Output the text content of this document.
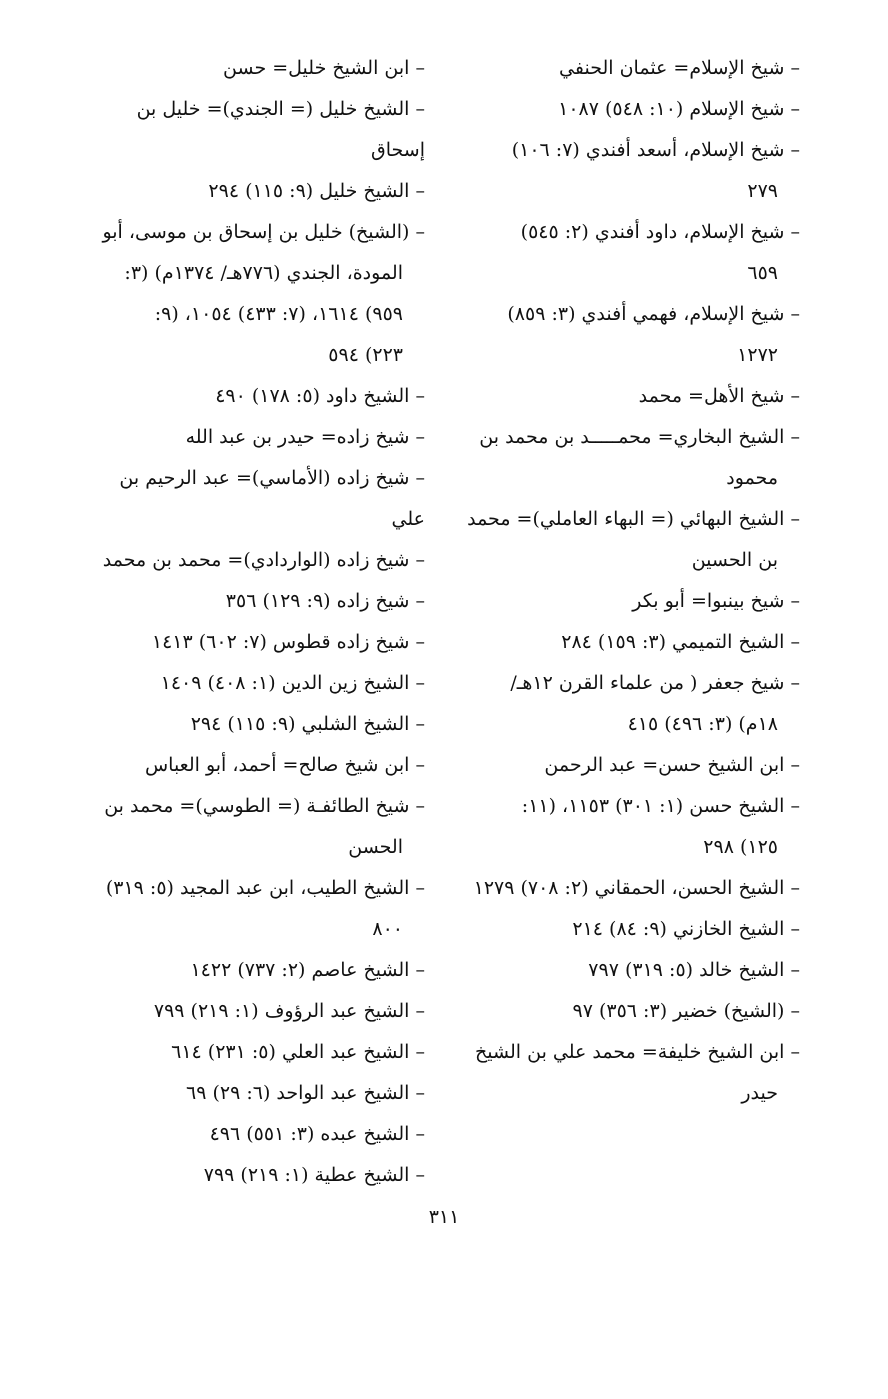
– شيخ الإسلام= عثمان الحنفي

– شيخ الإسلام (١٠: ٥٤٨) ١٠٨٧

– شيخ الإسلام، أسعد أفندي (٧: ١٠٦)
٢٧٩

– شيخ الإسلام، داود أفندي (٢: ٥٤٥)
٦٥٩

– شيخ الإسلام، فهمي أفندي (٣: ٨٥٩)
١٢٧٢

– شيخ الأهل= محمد

– الشيخ البخاري= محمـــــد بن محمد بن
محمود

– الشيخ البهائي (= البهاء العاملي)= محمد
بن الحسين

– شيخ بينبوا= أبو بكر

– الشيخ التميمي (٣: ١٥٩) ٢٨٤

– شيخ جعفر ( من علماء القرن ١٢هـ/
١٨م) (٣: ٤٩٦) ٤١٥

– ابن الشيخ حسن= عبد الرحمن

– الشيخ حسن (١: ٣٠١) ١١٥٣، (١١:
١٢٥) ٢٩٨

– الشيخ الحسن، الحمقاني (٢: ٧٠٨) ١٢٧٩

– الشيخ الخازني (٩: ٨٤) ٢١٤

– الشيخ خالد (٥: ٣١٩) ٧٩٧

– (الشيخ) خضير (٣: ٣٥٦) ٩٧

– ابن الشيخ خليفة= محمد علي بن الشيخ
حيدر

– ابن الشيخ خليل= حسن

– الشيخ خليل (= الجندي)= خليل بن إسحاق

– الشيخ خليل (٩: ١١٥) ٢٩٤

– (الشيخ) خليل بن إسحاق بن موسى، أبو
المودة، الجندي (٧٧٦هـ/ ١٣٧٤م) (٣:

٩٥٩) ١٦١٤، (٧: ٤٣٣) ١٠٥٤، (٩:
٢٢٣) ٥٩٤

– الشيخ داود (٥: ١٧٨) ٤٩٠

– شيخ زاده= حيدر بن عبد الله

– شيخ زاده (الأماسي)= عبد الرحيم بن علي

– شيخ زاده (الواردادي)= محمد بن محمد

– شيخ زاده (٩: ١٢٩) ٣٥٦

– شيخ زاده قطوس (٧: ٦٠٢) ١٤١٣

– الشيخ زين الدين (١: ٤٠٨) ١٤٠٩

– الشيخ الشلبي (٩: ١١٥) ٢٩٤

– ابن شيخ صالح= أحمد، أبو العباس

– شيخ الطائفـة (= الطوسي)= محمد بن
الحسن

– الشيخ الطيب، ابن عبد المجيد (٥: ٣١٩)
٨٠٠

– الشيخ عاصم (٢: ٧٣٧) ١٤٢٢

– الشيخ عبد الرؤوف (١: ٢١٩) ٧٩٩

– الشيخ عبد العلي (٥: ٢٣١) ٦١٤

– الشيخ عبد الواحد (٦: ٢٩) ٦٩

– الشيخ عبده (٣: ٥٥١) ٤٩٦

– الشيخ عطية (١: ٢١٩) ٧٩٩

٣١١
